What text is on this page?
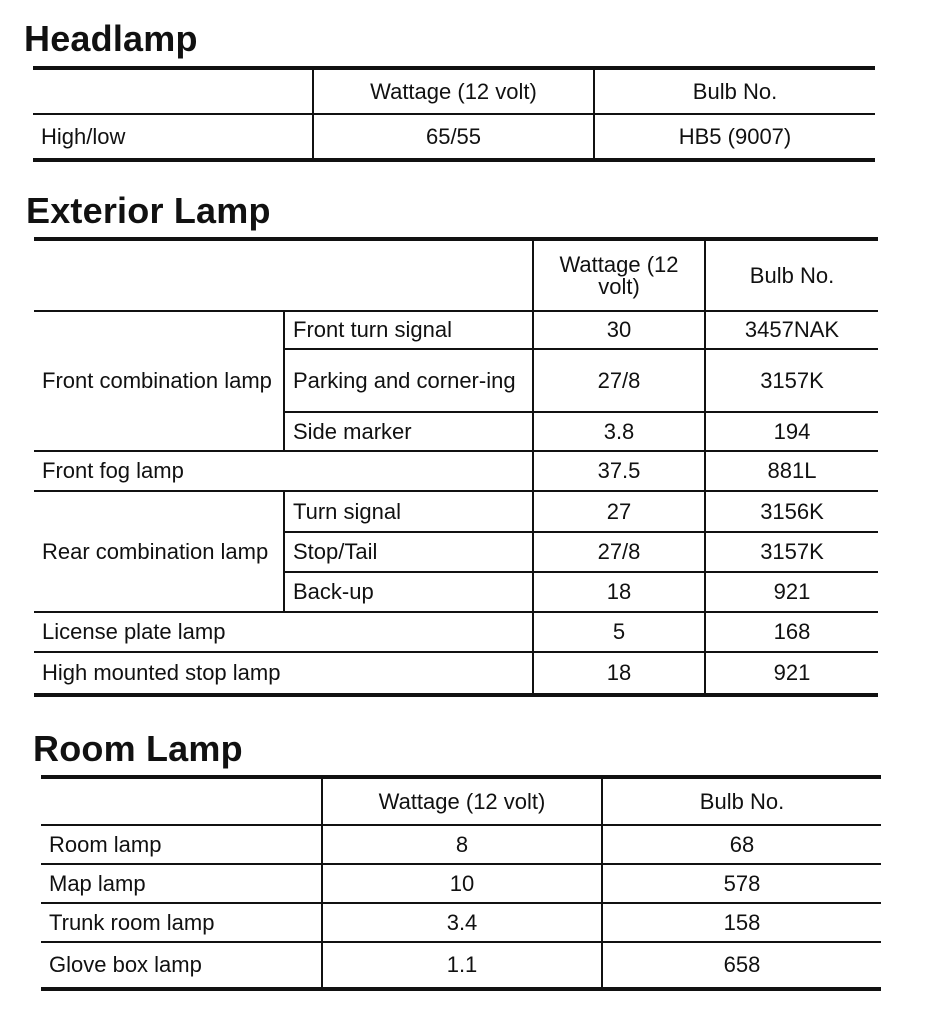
Headlamp
	Wattage (12 volt)	Bulb No.
High/low	65/55	HB5 (9007)
Exterior Lamp
		Wattage (12 volt)	Bulb No.
Front combination lamp	Front turn signal	30	3457NAK
	Parking and corner-ing	27/8	3157K
	Side marker	3.8	194
Front fog lamp		37.5	881L
Rear combination lamp	Turn signal	27	3156K
	Stop/Tail	27/8	3157K
	Back-up	18	921
License plate lamp		5	168
High mounted stop lamp		18	921
Room Lamp
	Wattage (12 volt)	Bulb No.
Room lamp	8	68
Map lamp	10	578
Trunk room lamp	3.4	158
Glove box lamp	1.1	658
